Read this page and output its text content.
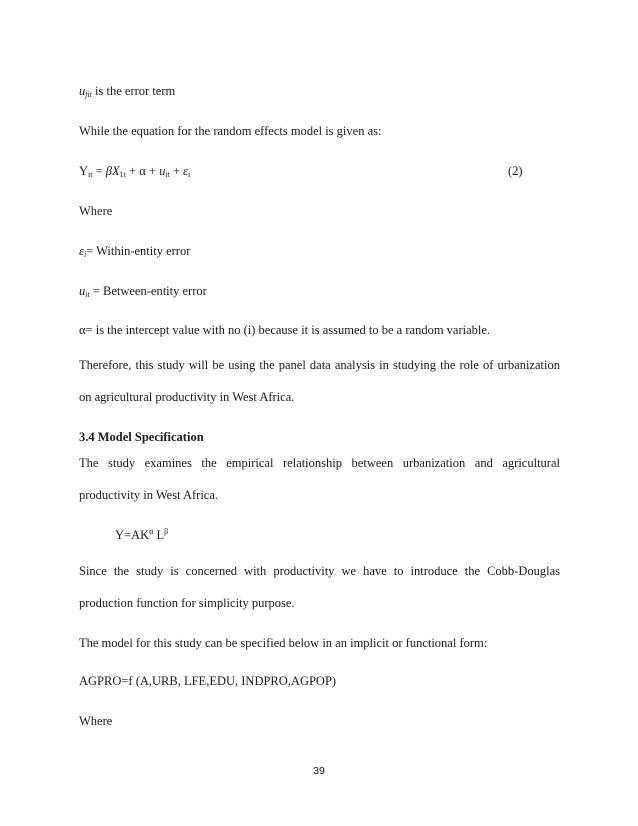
$u_{fit}$ is the error term
While the equation for the random effects model is given as:
$Y_{it} = \beta X_{1t} + \alpha + u_{it} + \varepsilon_i$	(2)
Where
$\varepsilon_i=$ Within-entity error
$u_{it}$ = Between-entity error
α= is the intercept value with no (i) because it is assumed to be a random variable.
Therefore, this study will be using the panel data analysis in studying the role of urbanization
on agricultural productivity in West Africa.
3.4 Model Specification
The study examines the empirical relationship between urbanization and agricultural
productivity in West Africa.
$Y=AK^\alpha$ $L^\beta$
Since the study is concerned with productivity we have to introduce the Cobb-Douglas
production function for simplicity purpose.
The model for this study can be specified below in an implicit or functional form:
AGPRO=f (A,URB, LFE,EDU, INDPRO,AGPOP)
Where
39
